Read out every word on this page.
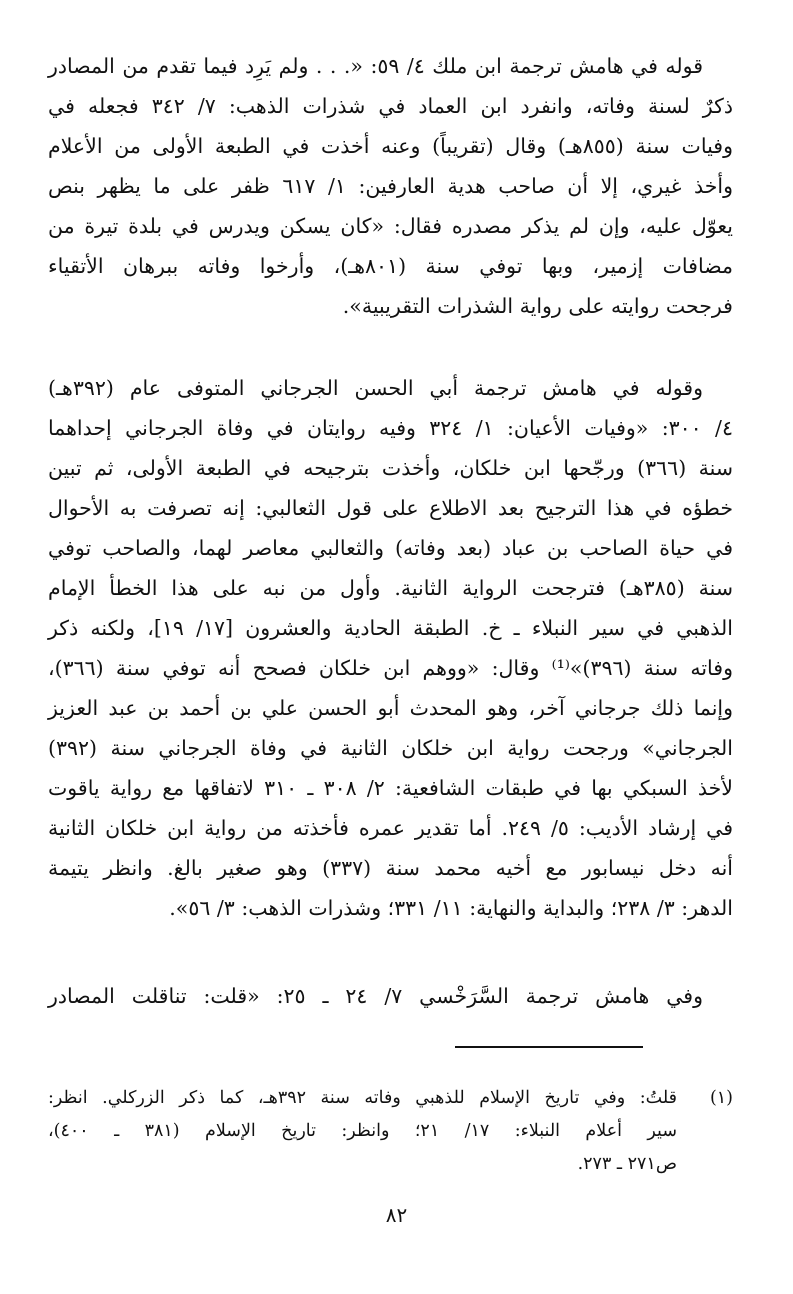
قوله في هامش ترجمة ابن ملك ٤/ ٥٩: «. . . ولم يَرِد فيما تقدم من المصادر
ذكرٌ لسنة وفاته، وانفرد ابن العماد في شذرات الذهب: ٧/ ٣٤٢ فجعله في
وفيات سنة (٨٥٥هـ) وقال (تقريباً) وعنه أخذت في الطبعة الأولى من الأعلام
وأخذ غيري، إلا أن صاحب هدية العارفين: ١/ ٦١٧ ظفر على ما يظهر بنص
يعوّل عليه، وإن لم يذكر مصدره فقال: «كان يسكن ويدرس في بلدة تيرة من
مضافات إزمير، وبها توفي سنة (٨٠١هـ)، وأرخوا وفاته ببرهان الأتقياء
فرجحت روايته على رواية الشذرات التقريبية».
وقوله في هامش ترجمة أبي الحسن الجرجاني المتوفى عام (٣٩٢هـ)
٤/ ٣٠٠: «وفيات الأعيان: ١/ ٣٢٤ وفيه روايتان في وفاة الجرجاني إحداهما
سنة (٣٦٦) ورجّحها ابن خلكان، وأخذت بترجيحه في الطبعة الأولى، ثم تبين
خطؤه في هذا الترجيح بعد الاطلاع على قول الثعالبي: إنه تصرفت به الأحوال
في حياة الصاحب بن عباد (بعد وفاته) والثعالبي معاصر لهما، والصاحب توفي
سنة (٣٨٥هـ) فترجحت الرواية الثانية. وأول من نبه على هذا الخطأ الإمام
الذهبي في سير النبلاء ـ خ. الطبقة الحادية والعشرون [١٧/ ١٩]، ولكنه ذكر
وفاته سنة (٣٩٦)»⁽¹⁾ وقال: «ووهم ابن خلكان فصحح أنه توفي سنة (٣٦٦)،
وإنما ذلك جرجاني آخر، وهو المحدث أبو الحسن علي بن أحمد بن عبد العزيز
الجرجاني» ورجحت رواية ابن خلكان الثانية في وفاة الجرجاني سنة (٣٩٢)
لأخذ السبكي بها في طبقات الشافعية: ٢/ ٣٠٨ ـ ٣١٠ لاتفاقها مع رواية ياقوت
في إرشاد الأديب: ٥/ ٢٤٩. أما تقدير عمره فأخذته من رواية ابن خلكان الثانية
أنه دخل نيسابور مع أخيه محمد سنة (٣٣٧) وهو صغير بالغ. وانظر يتيمة
الدهر: ٣/ ٢٣٨؛ والبداية والنهاية: ١١/ ٣٣١؛ وشذرات الذهب: ٣/ ٥٦».
وفي هامش ترجمة السَّرَخْسي ٧/ ٢٤ ـ ٢٥: «قلت: تناقلت المصادر
(١)
قلتُ: وفي تاريخ الإسلام للذهبي وفاته سنة ٣٩٢هـ، كما ذكر الزركلي. انظر:
سير أعلام النبلاء: ١٧/ ٢١؛ وانظر: تاريخ الإسلام (٣٨١ ـ ٤٠٠)،
ص٢٧١ ـ ٢٧٣.
٨٢
